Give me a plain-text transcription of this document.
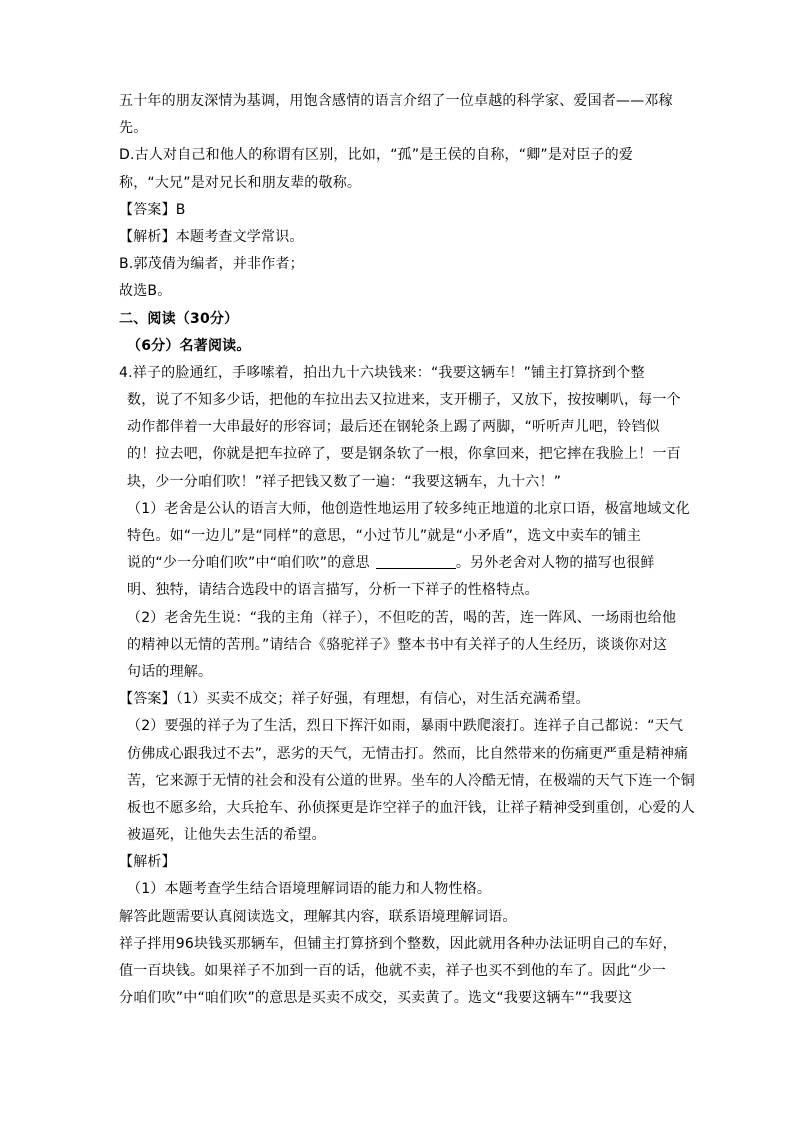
五十年的朋友深情为基调，用饱含感情的语言介绍了一位卓越的科学家、爱国者——邓稼
先。
D.古人对自己和他人的称谓有区别，比如，“孤”是王侯的自称，“卿”是对臣子的爱
称，“大兄”是对兄长和朋友辈的敬称。
【答案】B
【解析】本题考查文学常识。
B.郭茂倩为编者，并非作者；
故选B。
二、阅读（30分）
（6分）名著阅读。
4.祥子的脸通红，手哆嗦着，拍出九十六块钱来：“我要这辆车！”铺主打算挤到个整
数，说了不知多少话，把他的车拉出去又拉进来，支开棚子，又放下，按按喇叭，每一个
动作都伴着一大串最好的形容词；最后还在钢轮条上踢了两脚，“听听声儿吧，铃铛似
的！拉去吧，你就是把车拉碎了，要是钢条软了一根，你拿回来，把它摔在我脸上！一百
块，少一分咱们吹！”祥子把钱又数了一遍：“我要这辆车，九十六！”
（1）老舍是公认的语言大师，他创造性地运用了较多纯正地道的北京口语，极富地域文化
特色。如“一边儿”是“同样”的意思，“小过节儿”就是“小矛盾”，选文中卖车的铺主
说的“少一分咱们吹”中“咱们吹”的意思	。另外老舍对人物的描写也很鲜
明、独特，请结合选段中的语言描写，分析一下祥子的性格特点。
（2）老舍先生说：“我的主角（祥子），不但吃的苦，喝的苦，连一阵风、一场雨也给他
的精神以无情的苦刑。”请结合《骆驼祥子》整本书中有关祥子的人生经历，谈谈你对这
句话的理解。
【答案】（1）买卖不成交；祥子好强，有理想，有信心，对生活充满希望。
（2）要强的祥子为了生活，烈日下挥汗如雨，暴雨中跌爬滚打。连祥子自己都说：“天气
仿佛成心跟我过不去”，恶劣的天气，无情击打。然而，比自然带来的伤痛更严重是精神痛
苦，它来源于无情的社会和没有公道的世界。坐车的人冷酷无情，在极端的天气下连一个铜
板也不愿多给，大兵抢车、孙侦探更是诈空祥子的血汗钱，让祥子精神受到重创，心爱的人
被逼死，让他失去生活的希望。
【解析】
（1）本题考查学生结合语境理解词语的能力和人物性格。
解答此题需要认真阅读选文，理解其内容，联系语境理解词语。
祥子拌用96块钱买那辆车，但铺主打算挤到个整数，因此就用各种办法证明自己的车好，
值一百块钱。如果祥子不加到一百的话，他就不卖，祥子也买不到他的车了。因此“少一
分咱们吹”中“咱们吹”的意思是买卖不成交，买卖黄了。选文“我要这辆车”“我要这
